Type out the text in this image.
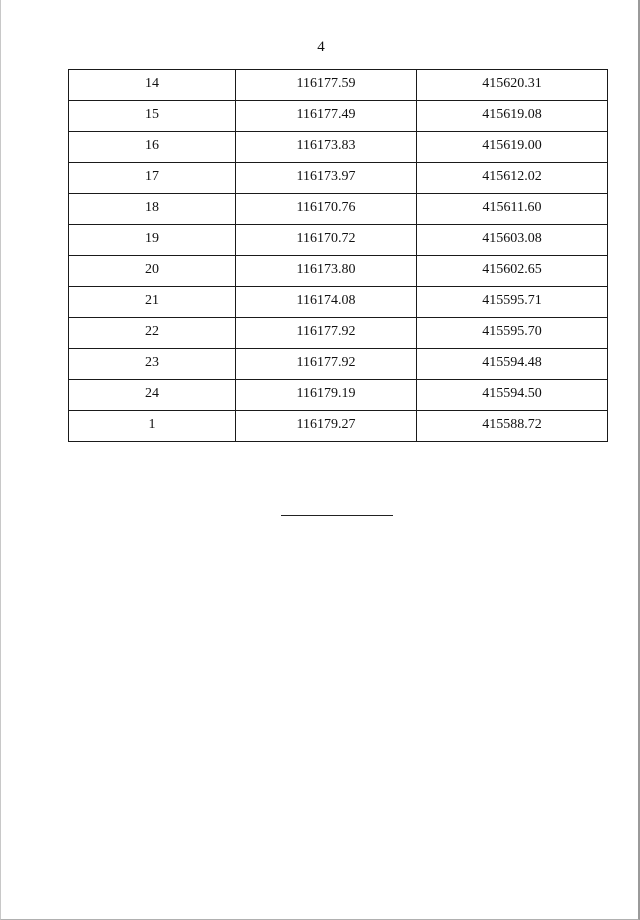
4
14	116177.59	415620.31
15	116177.49	415619.08
16	116173.83	415619.00
17	116173.97	415612.02
18	116170.76	415611.60
19	116170.72	415603.08
20	116173.80	415602.65
21	116174.08	415595.71
22	116177.92	415595.70
23	116177.92	415594.48
24	116179.19	415594.50
1	116179.27	415588.72
